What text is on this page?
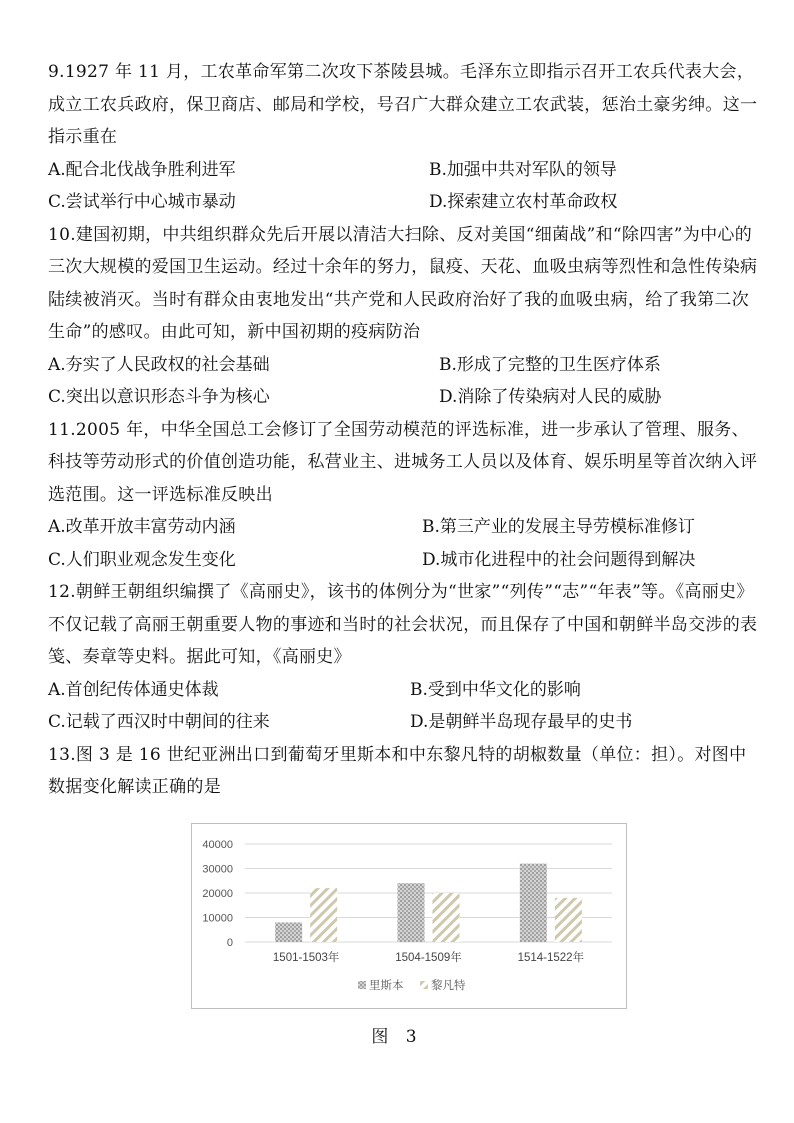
9.1927 年 11 月，工农革命军第二次攻下茶陵县城。毛泽东立即指示召开工农兵代表大会，成立工农兵政府，保卫商店、邮局和学校，号召广大群众建立工农武装，惩治土豪劣绅。这一指示重在

A.配合北伐战争胜利进军	B.加强中共对军队的领导
C.尝试举行中心城市暴动	D.探索建立农村革命政权

10.建国初期，中共组织群众先后开展以清洁大扫除、反对美国“细菌战”和“除四害”为中心的三次大规模的爱国卫生运动。经过十余年的努力，鼠疫、天花、血吸虫病等烈性和急性传染病陆续被消灭。当时有群众由衷地发出“共产党和人民政府治好了我的血吸虫病，给了我第二次生命”的感叹。由此可知，新中国初期的疫病防治

A.夯实了人民政权的社会基础	B.形成了完整的卫生医疗体系
C.突出以意识形态斗争为核心	D.消除了传染病对人民的威胁

11.2005 年，中华全国总工会修订了全国劳动模范的评选标准，进一步承认了管理、服务、科技等劳动形式的价值创造功能，私营业主、进城务工人员以及体育、娱乐明星等首次纳入评选范围。这一评选标准反映出

A.改革开放丰富劳动内涵	B.第三产业的发展主导劳模标准修订
C.人们职业观念发生变化	D.城市化进程中的社会问题得到解决

12.朝鲜王朝组织编撰了《高丽史》，该书的体例分为“世家”“列传”“志”“年表”等。《高丽史》不仅记载了高丽王朝重要人物的事迹和当时的社会状况，而且保存了中国和朝鲜半岛交涉的表笺、奏章等史料。据此可知，《高丽史》

A.首创纪传体通史体裁	B.受到中华文化的影响
C.记载了西汉时中朝间的往来	D.是朝鲜半岛现存最早的史书

13.图 3 是 16 世纪亚洲出口到葡萄牙里斯本和中东黎凡特的胡椒数量（单位：担）。对图中数据变化解读正确的是

40000
30000
20000
10000
0
1501-1503年	1504-1509年	1514-1522年
里斯本 黎凡特
图 3
